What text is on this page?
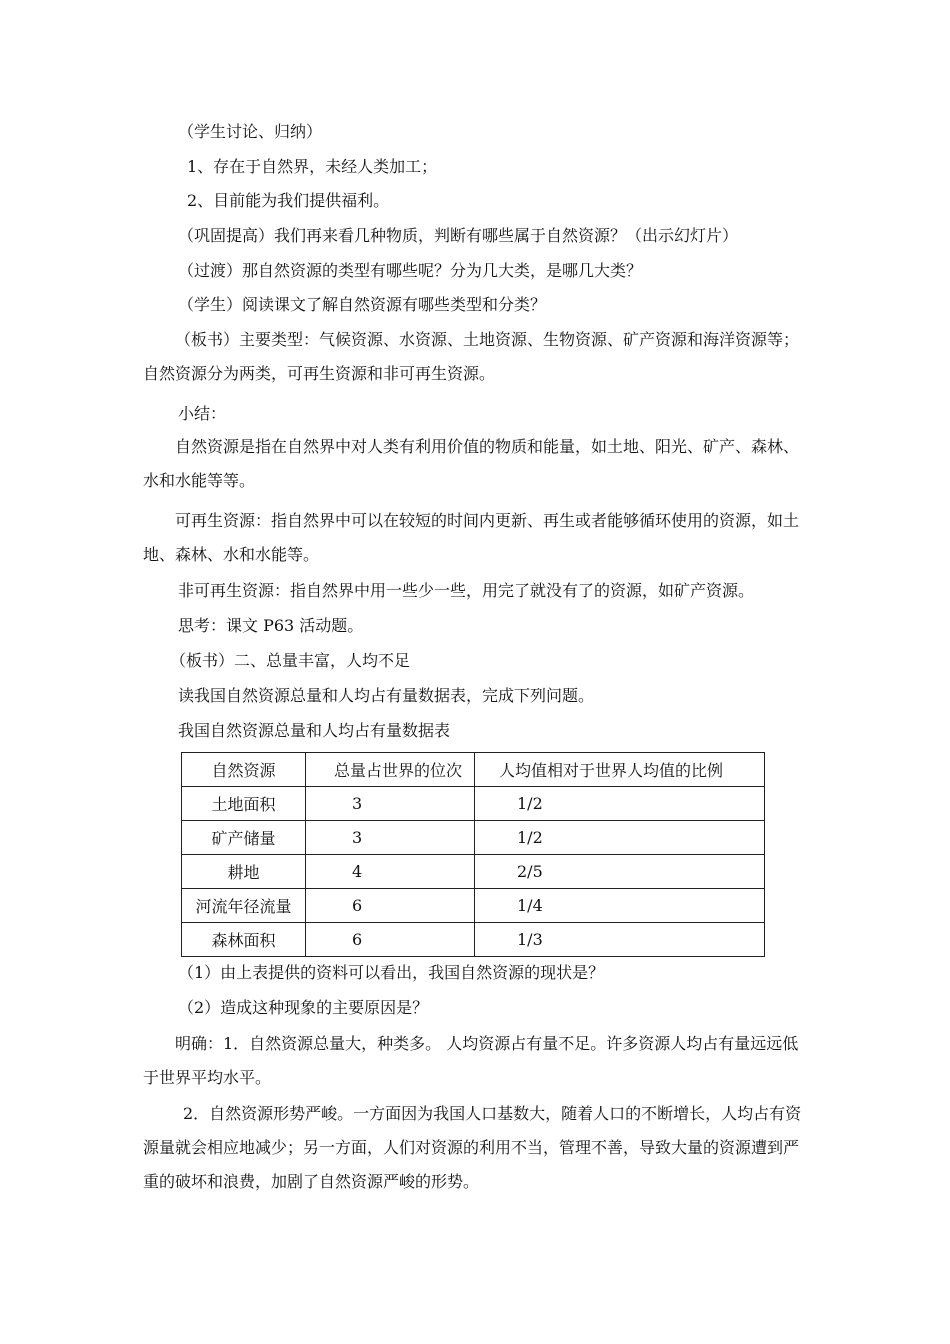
（学生讨论、归纳）
1、存在于自然界，未经人类加工；
2、目前能为我们提供福利。
（巩固提高）我们再来看几种物质，判断有哪些属于自然资源？（出示幻灯片）
（过渡）那自然资源的类型有哪些呢？分为几大类，是哪几大类？
（学生）阅读课文了解自然资源有哪些类型和分类？
（板书）主要类型：气候资源、水资源、土地资源、生物资源、矿产资源和海洋资源等；自然资源分为两类，可再生资源和非可再生资源。
小结：
自然资源是指在自然界中对人类有利用价值的物质和能量，如土地、阳光、矿产、森林、水和水能等等。
可再生资源：指自然界中可以在较短的时间内更新、再生或者能够循环使用的资源，如土地、森林、水和水能等。
非可再生资源：指自然界中用一些少一些，用完了就没有了的资源，如矿产资源。
思考：课文 P63 活动题。
（板书）二、总量丰富，人均不足
读我国自然资源总量和人均占有量数据表，完成下列问题。
我国自然资源总量和人均占有量数据表
自然资源	总量占世界的位次	人均值相对于世界人均值的比例
土地面积	3	1/2
矿产储量	3	1/2
耕地	4	2/5
河流年径流量	6	1/4
森林面积	6	1/3
（1）由上表提供的资料可以看出，我国自然资源的现状是？
（2）造成这种现象的主要原因是？
明确：1．自然资源总量大，种类多。 人均资源占有量不足。许多资源人均占有量远远低于世界平均水平。
2．自然资源形势严峻。一方面因为我国人口基数大，随着人口的不断增长，人均占有资源量就会相应地减少；另一方面，人们对资源的利用不当，管理不善，导致大量的资源遭到严重的破坏和浪费，加剧了自然资源严峻的形势。
